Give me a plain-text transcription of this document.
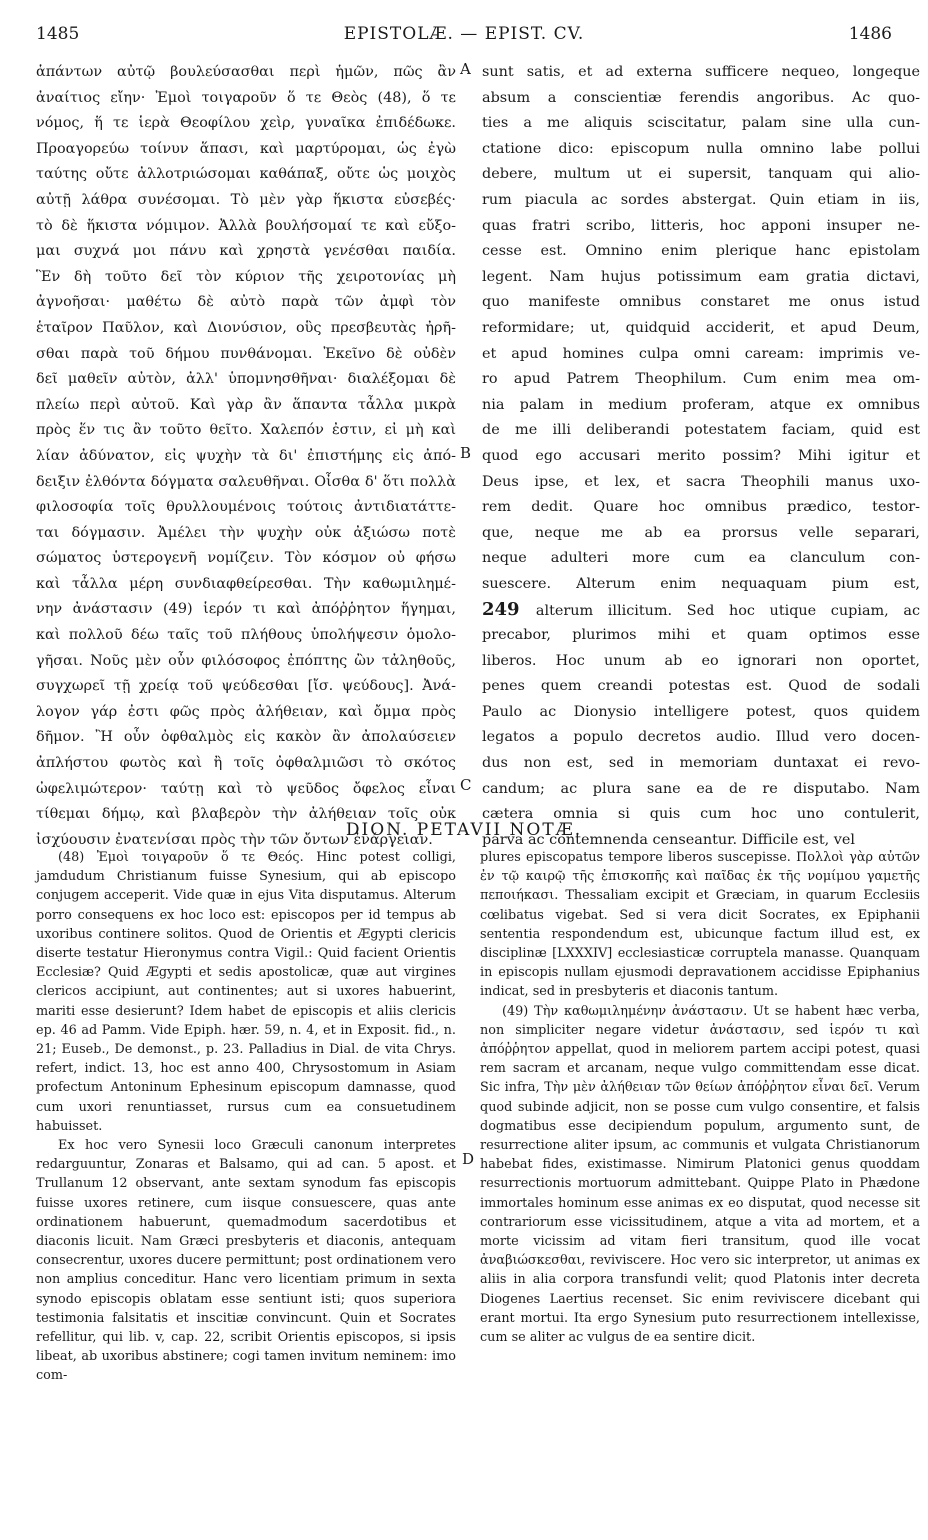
1485	EPISTOLÆ. — EPIST. CV.	1486
ἁπάντων αὐτῷ βουλεύσασθαι περὶ ἡμῶν, πῶς ἂν
ἀναίτιος εἴην· Ἐμοὶ τοιγαροῦν ὅ τε Θεὸς (48), ὅ τε
νόμος, ἥ τε ἱερὰ Θεοφίλου χεὶρ, γυναῖκα ἐπιδέδωκε.
Προαγορεύω τοίνυν ἅπασι, καὶ μαρτύρομαι, ὡς ἐγὼ
ταύτης οὔτε ἀλλοτριώσομαι καθάπαξ, οὔτε ὡς μοιχὸς
αὐτῇ λάθρα συνέσομαι. Τὸ μὲν γὰρ ἥκιστα εὐσεβές·
τὸ δὲ ἥκιστα νόμιμον. Ἀλλὰ βουλήσομαί τε καὶ εὔξο-
μαι συχνά μοι πάνυ καὶ χρηστὰ γενέσθαι παιδία.
Ἓν δὴ τοῦτο δεῖ τὸν κύριον τῆς χειροτονίας μὴ
ἀγνοῆσαι· μαθέτω δὲ αὐτὸ παρὰ τῶν ἀμφὶ τὸν
ἑταῖρον Παῦλον, καὶ Διονύσιον, οὓς πρεσβευτὰς ἠρῆ-
σθαι παρὰ τοῦ δήμου πυνθάνομαι. Ἐκεῖνο δὲ οὐδὲν
δεῖ μαθεῖν αὐτὸν, ἀλλ' ὑπομνησθῆναι· διαλέξομαι δὲ
πλείω περὶ αὐτοῦ. Καὶ γὰρ ἂν ἅπαντα τἆλλα μικρὰ
πρὸς ἕν τις ἂν τοῦτο θεῖτο. Χαλεπόν ἐστιν, εἰ μὴ καὶ
λίαν ἀδύνατον, εἰς ψυχὴν τὰ δι' ἐπιστήμης εἰς ἀπό-
δειξιν ἐλθόντα δόγματα σαλευθῆναι. Οἶσθα δ' ὅτι πολλὰ
φιλοσοφία τοῖς θρυλλουμένοις τούτοις ἀντιδιατάττε-
ται δόγμασιν. Ἀμέλει τὴν ψυχὴν οὐκ ἀξιώσω ποτὲ
σώματος ὑστερογενῆ νομίζειν. Τὸν κόσμον οὐ φήσω
καὶ τἆλλα μέρη συνδιαφθείρεσθαι. Τὴν καθωμιλημέ-
νην ἀνάστασιν (49) ἱερόν τι καὶ ἀπόῤῥητον ἥγημαι,
καὶ πολλοῦ δέω ταῖς τοῦ πλήθους ὑπολήψεσιν ὁμολο-
γῆσαι. Νοῦς μὲν οὖν φιλόσοφος ἐπόπτης ὢν τἀληθοῦς,
συγχωρεῖ τῇ χρείᾳ τοῦ ψεύδεσθαι [ἴσ. ψεύδους]. Ἀνά-
λογον γάρ ἐστι φῶς πρὸς ἀλήθειαν, καὶ ὄμμα πρὸς
δῆμον. Ἢ οὖν ὀφθαλμὸς εἰς κακὸν ἂν ἀπολαύσειεν
ἀπλήστου φωτὸς καὶ ἢ τοῖς ὀφθαλμιῶσι τὸ σκότος
ὠφελιμώτερον· ταύτῃ καὶ τὸ ψεῦδος ὄφελος εἶναι
τίθεμαι δήμῳ, καὶ βλαβερὸν τὴν ἀλήθειαν τοῖς οὐκ
ἰσχύουσιν ἐνατενίσαι πρὸς τὴν τῶν ὄντων ἐνάργειαν.
sunt satis, et ad externa sufficere nequeo, longeque
absum a conscientiæ ferendis angoribus. Ac quo-
ties a me aliquis sciscitatur, palam sine ulla cun-
ctatione dico: episcopum nulla omnino labe pollui
debere, multum ut ei supersit, tanquam qui alio-
rum piacula ac sordes abstergat. Quin etiam in iis,
quas fratri scribo, litteris, hoc apponi insuper ne-
cesse est. Omnino enim plerique hanc epistolam
legent. Nam hujus potissimum eam gratia dictavi,
quo manifeste omnibus constaret me onus istud
reformidare; ut, quidquid acciderit, et apud Deum,
et apud homines culpa omni caream: imprimis ve-
ro apud Patrem Theophilum. Cum enim mea om-
nia palam in medium proferam, atque ex omnibus
de me illi deliberandi potestatem faciam, quid est
quod ego accusari merito possim? Mihi igitur et
Deus ipse, et lex, et sacra Theophili manus uxo-
rem dedit. Quare hoc omnibus prædico, testor-
que, neque me ab ea prorsus velle separari,
neque adulteri more cum ea clanculum con-
suescere. Alterum enim nequaquam pium est,
249 alterum illicitum. Sed hoc utique cupiam, ac
precabor, plurimos mihi et quam optimos esse
liberos. Hoc unum ab eo ignorari non oportet,
penes quem creandi potestas est. Quod de sodali
Paulo ac Dionysio intelligere potest, quos quidem
legatos a populo decretos audio. Illud vero docen-
dus non est, sed in memoriam duntaxat ei revo-
candum; ac plura sane ea de re disputabo. Nam
cætera omnia si quis cum hoc uno contulerit,
parva ac contemnenda censeantur. Difficile est, vel
A
B
C
D
DION. PETAVII NOTÆ.

(48) Ἐμοὶ τοιγαροῦν ὅ τε Θεός. Hinc potest colligi, jamdudum Christianum fuisse Synesium, qui ab episcopo conjugem acceperit. Vide quæ in ejus Vita disputamus. Alterum porro consequens ex hoc loco est: episcopos per id tempus ab uxoribus continere solitos. Quod de Orientis et Ægypti clericis diserte testatur Hieronymus contra Vigil.: Quid facient Orientis Ecclesiæ? Quid Ægypti et sedis apostolicæ, quæ aut virgines clericos accipiunt, aut continentes; aut si uxores habuerint, mariti esse desierunt? Idem habet de episcopis et aliis clericis ep. 46 ad Pamm. Vide Epiph. hær. 59, n. 4, et in Exposit. fid., n. 21; Euseb., De demonst., p. 23. Palladius in Dial. de vita Chrys. refert, indict. 13, hoc est anno 400, Chrysostomum in Asiam profectum Antoninum Ephesinum episcopum damnasse, quod cum uxori renuntiasset, rursus cum ea consuetudinem habuisset.

Ex hoc vero Synesii loco Græculi canonum interpretes redarguuntur, Zonaras et Balsamo, qui ad can. 5 apost. et Trullanum 12 observant, ante sextam synodum fas episcopis fuisse uxores retinere, cum iisque consuescere, quas ante ordinationem habuerunt, quemadmodum sacerdotibus et diaconis licuit. Nam Græci presbyteris et diaconis, antequam consecrentur, uxores ducere permittunt; post ordinationem vero non amplius conceditur. Hanc vero licentiam primum in sexta synodo episcopis oblatam esse sentiunt isti; quos superiora testimonia falsitatis et inscitiæ convincunt. Quin et Socrates refellitur, qui lib. v, cap. 22, scribit Orientis episcopos, si ipsis libeat, ab uxoribus abstinere; cogi tamen invitum neminem: imo com-

plures episcopatus tempore liberos suscepisse. Πολλοὶ γὰρ αὐτῶν ἐν τῷ καιρῷ τῆς ἐπισκοπῆς καὶ παῖδας ἐκ τῆς νομίμου γαμετῆς πεποιήκασι. Thessaliam excipit et Græciam, in quarum Ecclesiis cœlibatus vigebat. Sed si vera dicit Socrates, ex Epiphanii sententia respondendum est, ubicunque factum illud est, ex disciplinæ [LXXXIV] ecclesiasticæ corruptela manasse. Quanquam in episcopis nullam ejusmodi depravationem accidisse Epiphanius indicat, sed in presbyteris et diaconis tantum.

(49) Τὴν καθωμιλημένην ἀνάστασιν. Ut se habent hæc verba, non simpliciter negare videtur ἀνάστασιν, sed ἱερόν τι καὶ ἀπόῤῥητον appellat, quod in meliorem partem accipi potest, quasi rem sacram et arcanam, neque vulgo committendam esse dicat. Sic infra, Τὴν μὲν ἀλήθειαν τῶν θείων ἀπόῤῥητον εἶναι δεῖ. Verum quod subinde adjicit, non se posse cum vulgo consentire, et falsis dogmatibus esse decipiendum populum, argumento sunt, de resurrectione aliter ipsum, ac communis et vulgata Christianorum habebat fides, existimasse. Nimirum Platonici genus quoddam resurrectionis mortuorum admittebant. Quippe Plato in Phædone immortales hominum esse animas ex eo disputat, quod necesse sit contrariorum esse vicissitudinem, atque a vita ad mortem, et a morte vicissim ad vitam fieri transitum, quod ille vocat ἀναβιώσκεσθαι, reviviscere. Hoc vero sic interpretor, ut animas ex aliis in alia corpora transfundi velit; quod Platonis inter decreta Diogenes Laertius recenset. Sic enim reviviscere dicebant qui erant mortui. Ita ergo Synesium puto resurrectionem intellexisse, cum se aliter ac vulgus de ea sentire dicit.
